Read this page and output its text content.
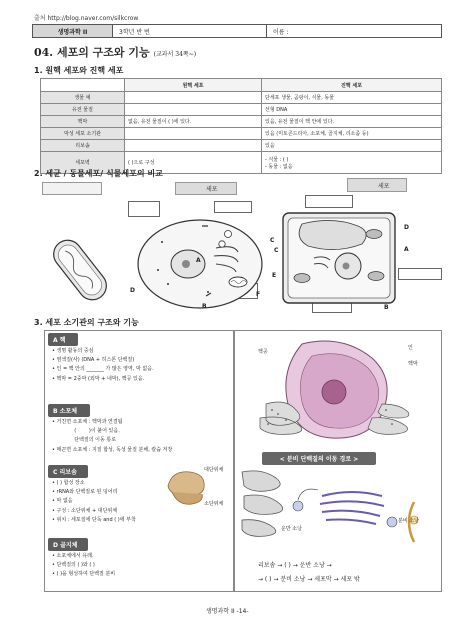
출처 http://blog.naver.com/silkcrow
생명과학 II	3학년 반 번	이름 :
04. 세포의 구조와 기능 (교과서 34쪽~)
1. 원핵 세포와 진핵 세포
	원핵 세포	진핵 세포
생물 예		단세포 생물, 곰팡이, 식물, 동물
유전 물질		선형 DNA
핵막	없음, 유전 물질이 ( )에 있다.	있음, 유전 물질이 핵 안에 있다.
막성 세포 소기관		있음 (미토콘드리아, 소포체, 골지체, 리소좀 등)
리보솜		있음
세포벽	( )으로 구성	- 식물 : ( )
- 동물 : 없음
2. 세균 / 동물세포/ 식물세포의 비교
세포	세포
A
B
C
D
E
F
D
C	A
B
3. 세포 소기관의 구조와 기능
A 핵
• 생명 활동의 중심
• 염색질(사) (DNA + 히스톤 단백질)
• 인 = 핵 안의 _______ 가 많은 영역, 막 없음.
• 핵막 = 2중막 (외막 + 내막), 핵공 있음.
B 소포체
• 거친면 소포체 : 핵막과 연결됨
(        )이 붙어 있음.
단백질의 이동 통로
• 매끈면 소포체 : 지질 합성, 독성 물질 분해, 칼슘 저장
C 리보솜
• ( ) 합성 장소
• rRNA와 단백질로 된 덩어리
• 막 없음
• 구성 : 소단위체 + 대단위체
• 위치 : 세포질에 단독 and ( )에 부착
대단위체
소단위체
D 골지체
• 소포체에서 유래.
• 단백질의 ( )와 ( )
• ( )을 형성하여 단백질 분비
핵공
인
핵막
< 분비 단백질의 이동 경로 >
운반 소낭
분비 소낭
리보솜 → ( ) → 운반 소낭 →
→ ( ) → 분비 소낭 → 세포막 → 세포 밖
생명과학 II -14-
